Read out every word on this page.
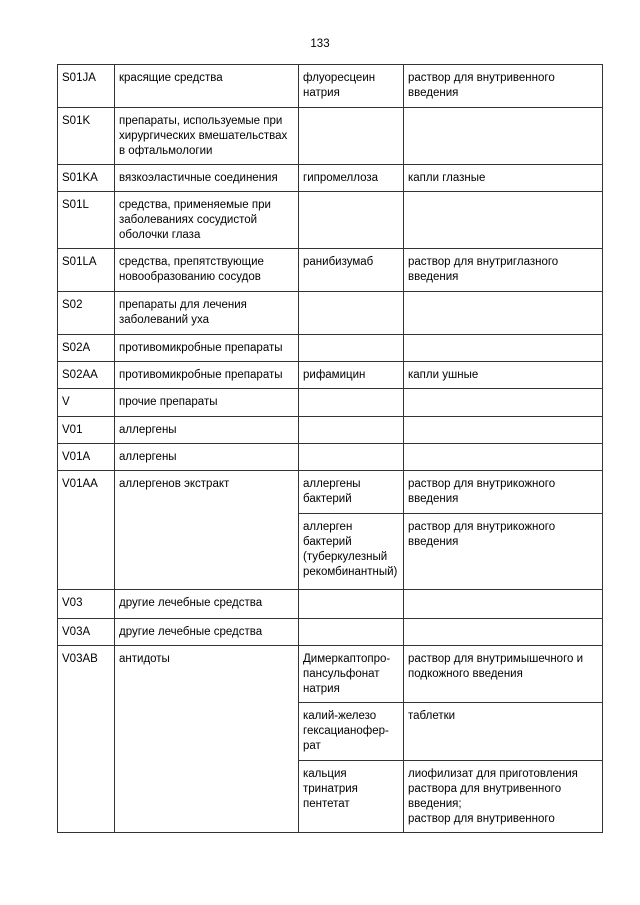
133
S01JA	красящие средства	флуоресцеин
натрия	раствор для внутривенного
введения

S01K	препараты, используемые при
хирургических вмешательствах
в офтальмологии		

S01KA	вязкоэластичные соединения	гипромеллоза	капли глазные

S01L	средства, применяемые при
заболеваниях сосудистой
оболочки глаза		

S01LA	средства, препятствующие
новообразованию сосудов	ранибизумаб	раствор для внутриглазного
введения

S02	препараты для лечения
заболеваний уха		

S02A	противомикробные препараты		

S02AA	противомикробные препараты	рифамицин	капли ушные

V	прочие препараты		

V01	аллергены		

V01A	аллергены		

V01AA	аллергенов экстракт	аллергены
бактерий	раствор для внутрикожного
введения

		аллерген
бактерий
(туберкулезный
рекомбинантный)	раствор для внутрикожного
введения

V03	другие лечебные средства		

V03A	другие лечебные средства		

V03AB	антидоты	Димеркаптопро-
пансульфонат
натрия	раствор для внутримышечного и
подкожного введения

		калий-железо
гексацианофер-
рат	таблетки

		кальция
тринатрия
пентетат	лиофилизат для приготовления
раствора для внутривенного
введения;
раствор для внутривенного
